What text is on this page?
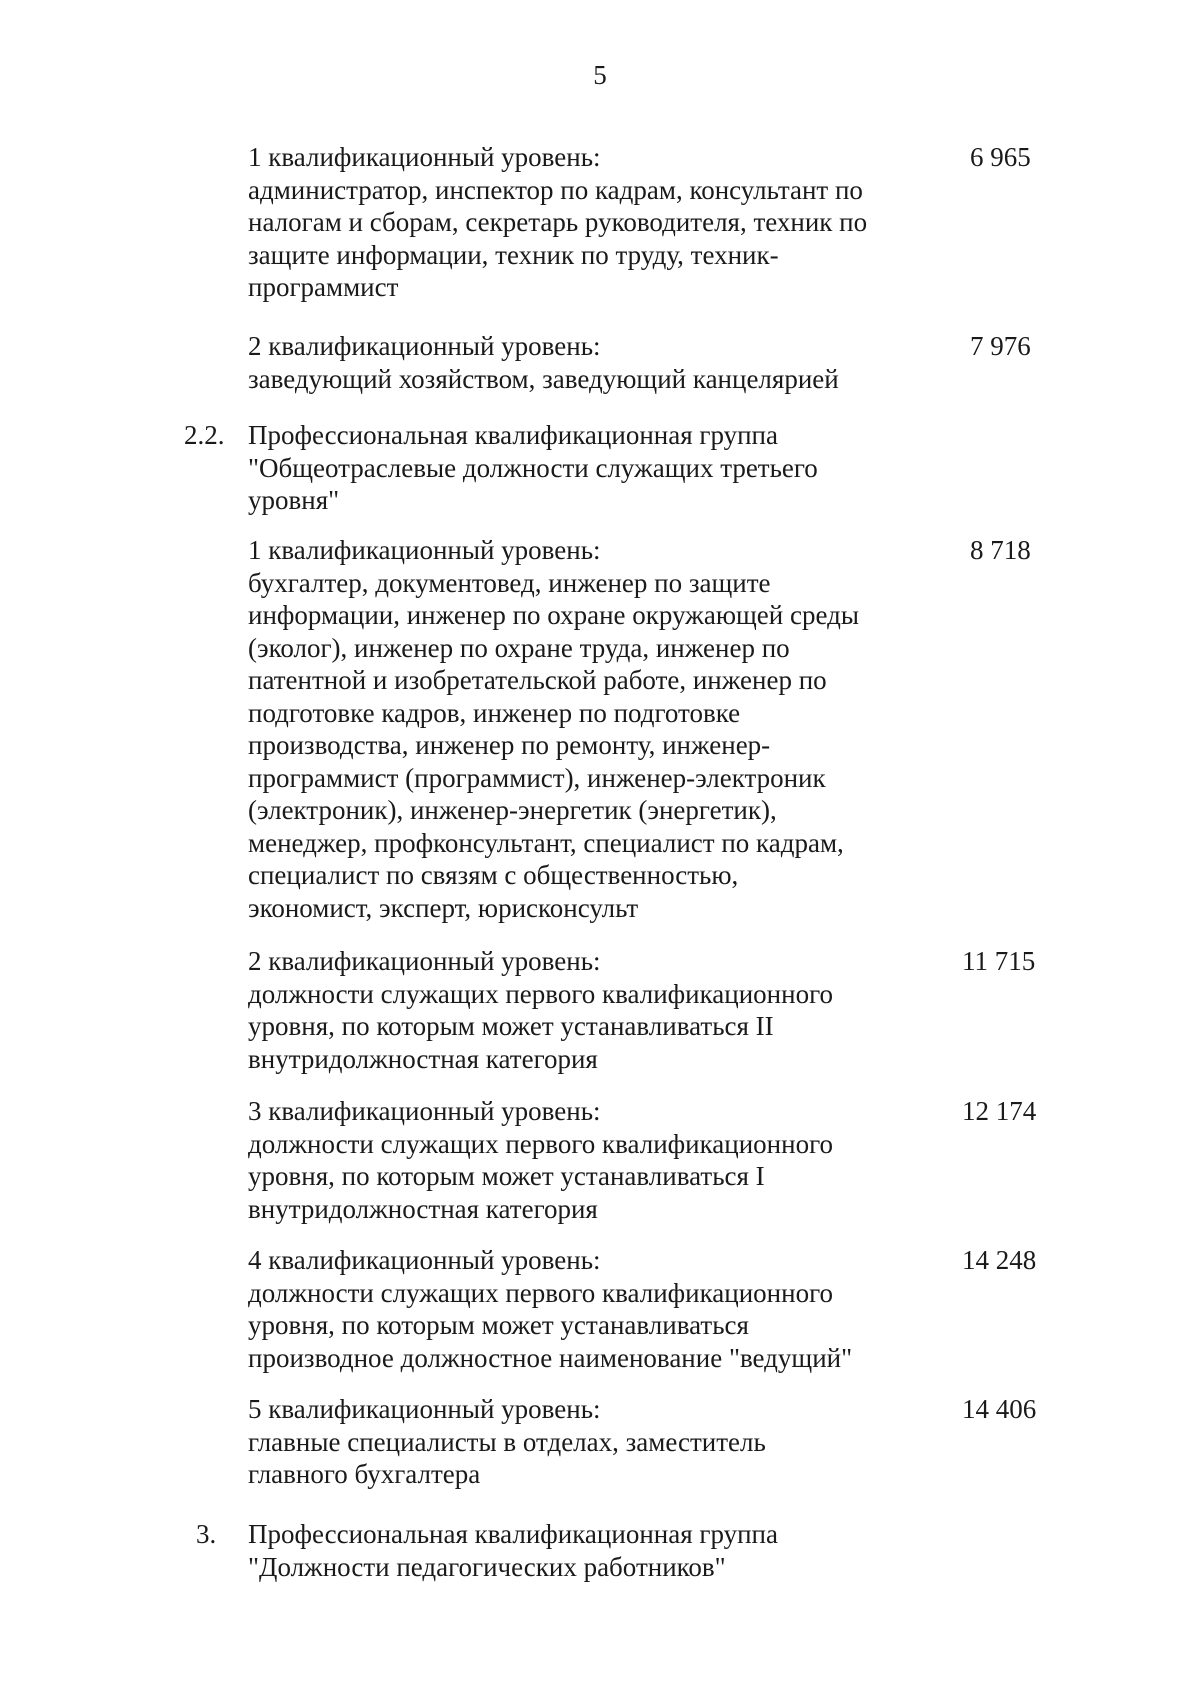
5
1 квалификационный уровень:
администратор, инспектор по кадрам, консультант по
налогам и сборам, секретарь руководителя, техник по
защите информации, техник по труду, техник-
программист
6 965
2 квалификационный уровень:
заведующий хозяйством, заведующий канцелярией
7 976
2.2. Профессиональная квалификационная группа
"Общеотраслевые должности служащих третьего
уровня"
1 квалификационный уровень:
бухгалтер, документовед, инженер по защите
информации, инженер по охране окружающей среды
(эколог), инженер по охране труда, инженер по
патентной и изобретательской работе, инженер по
подготовке кадров, инженер по подготовке
производства, инженер по ремонту, инженер-
программист (программист), инженер-электроник
(электроник), инженер-энергетик (энергетик),
менеджер, профконсультант, специалист по кадрам,
специалист по связям с общественностью,
экономист, эксперт, юрисконсульт
8 718
2 квалификационный уровень:
должности служащих первого квалификационного
уровня, по которым может устанавливаться II
внутридолжностная категория
11 715
3 квалификационный уровень:
должности служащих первого квалификационного
уровня, по которым может устанавливаться I
внутридолжностная категория
12 174
4 квалификационный уровень:
должности служащих первого квалификационного
уровня, по которым может устанавливаться
производное должностное наименование "ведущий"
14 248
5 квалификационный уровень:
главные специалисты в отделах, заместитель
главного бухгалтера
14 406
3. Профессиональная квалификационная группа
"Должности педагогических работников"
